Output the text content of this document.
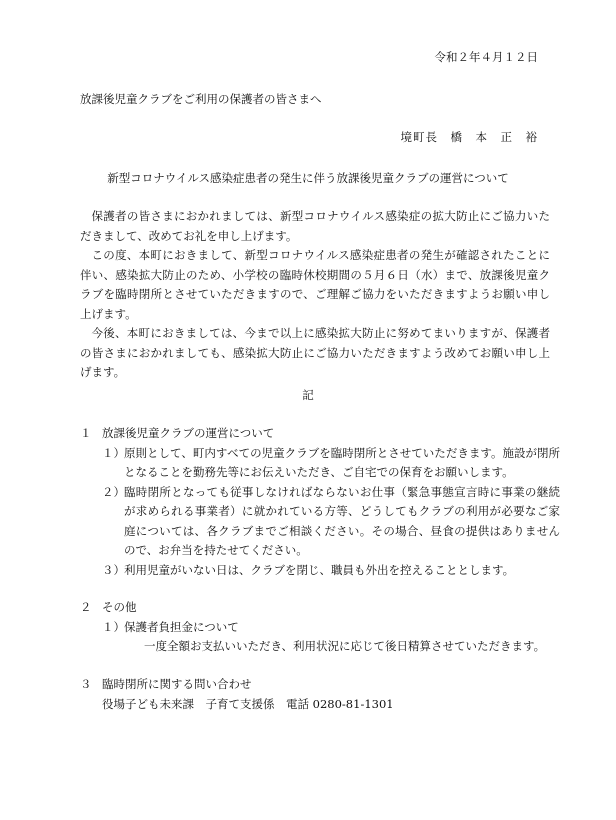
令和２年４月１２日
放課後児童クラブをご利用の保護者の皆さまへ
境町長　橋　本　正　裕
新型コロナウイルス感染症患者の発生に伴う放課後児童クラブの運営について

保護者の皆さまにおかれましては、新型コロナウイルス感染症の拡大防止にご協力いただきまして、改めてお礼を申し上げます。

この度、本町におきまして、新型コロナウイルス感染症患者の発生が確認されたことに伴い、感染拡大防止のため、小学校の臨時休校期間の５月６日（水）まで、放課後児童クラブを臨時閉所とさせていただきますので、ご理解ご協力をいただきますようお願い申し上げます。

今後、本町におきましては、今まで以上に感染拡大防止に努めてまいりますが、保護者の皆さまにおかれましても、感染拡大防止にご協力いただきますよう改めてお願い申し上げます。

記
１ 放課後児童クラブの運営について
１） 原則として、町内すべての児童クラブを臨時閉所とさせていただきます。施設が閉所となることを勤務先等にお伝えいただき、ご自宅での保育をお願いします。
２） 臨時閉所となっても従事しなければならないお仕事（緊急事態宣言時に事業の継続が求められる事業者）に就かれている方等、どうしてもクラブの利用が必要なご家庭については、各クラブまでご相談ください。その場合、昼食の提供はありませんので、お弁当を持たせてください。
３） 利用児童がいない日は、クラブを閉じ、職員も外出を控えることとします。
２ その他
１） 保護者負担金について
一度全額お支払いいただき、利用状況に応じて後日精算させていただきます。
３ 臨時閉所に関する問い合わせ
役場子ども未来課　子育て支援係　電話 0280-81-1301
